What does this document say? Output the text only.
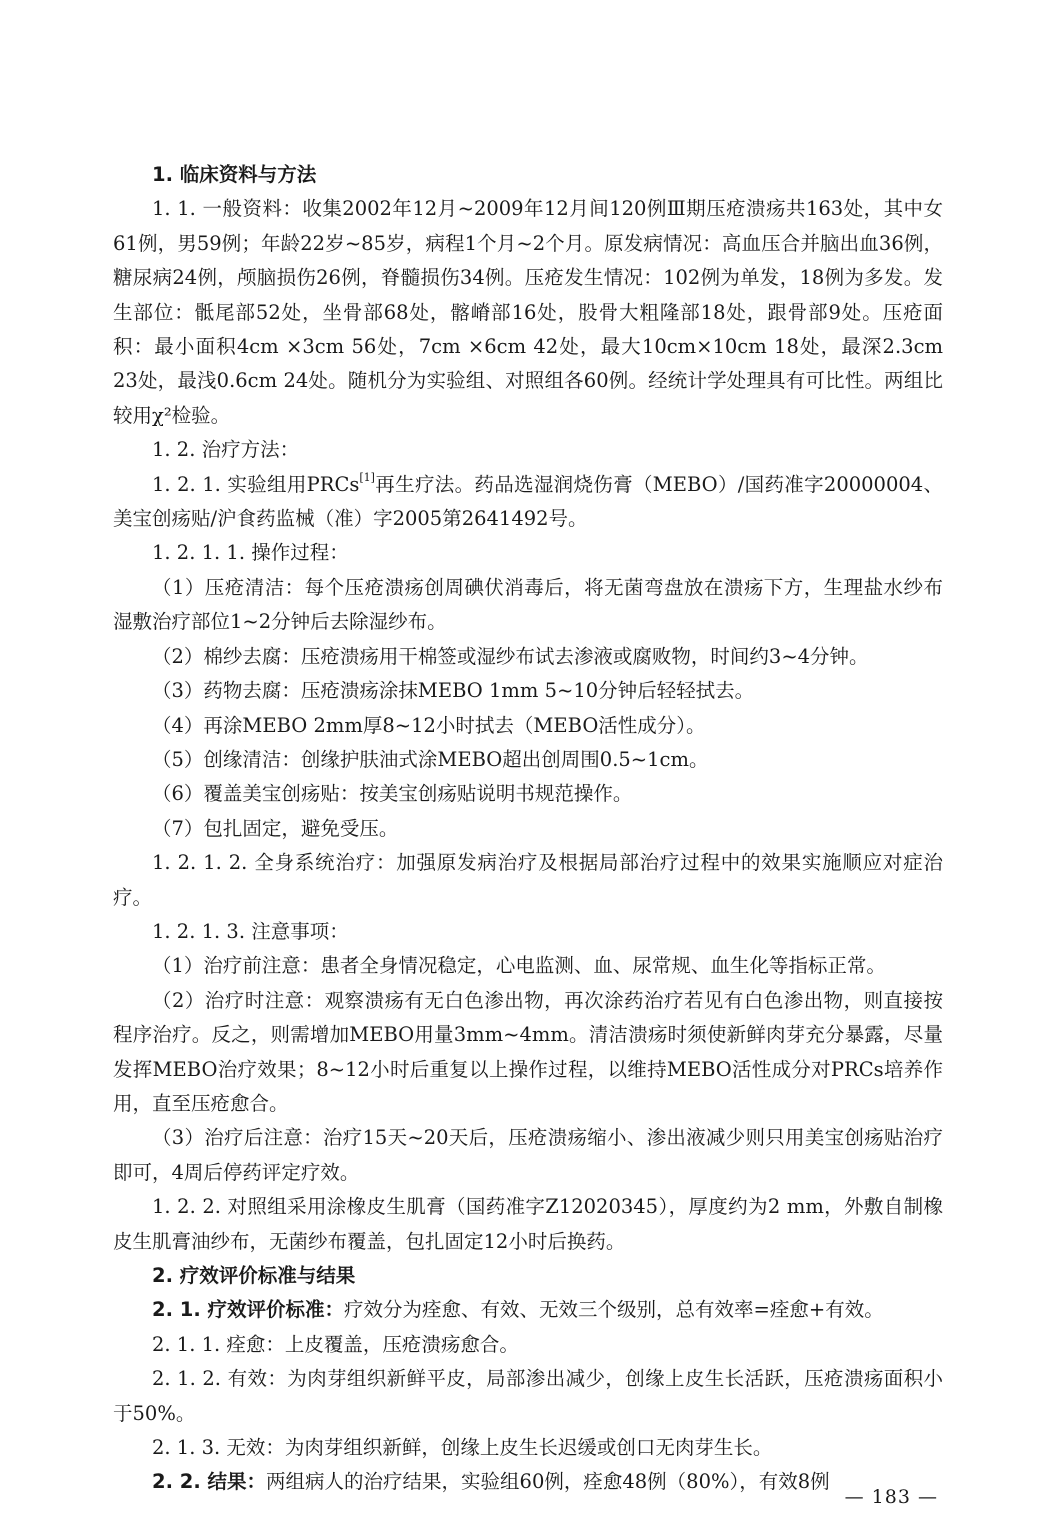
1. 临床资料与方法

1. 1. 一般资料：收集2002年12月~2009年12月间120例Ⅲ期压疮溃疡共163处，其中女61例，男59例；年龄22岁~85岁，病程1个月~2个月。原发病情况：高血压合并脑出血36例，糖尿病24例，颅脑损伤26例，脊髓损伤34例。压疮发生情况：102例为单发，18例为多发。发生部位：骶尾部52处，坐骨部68处，髂嵴部16处，股骨大粗隆部18处，跟骨部9处。压疮面积：最小面积4cm ×3cm 56处，7cm ×6cm 42处，最大10cm×10cm 18处，最深2.3cm 23处，最浅0.6cm 24处。随机分为实验组、对照组各60例。经统计学处理具有可比性。两组比较用χ²检验。

1. 2. 治疗方法：

1. 2. 1. 实验组用PRCs[1]再生疗法。药品选湿润烧伤膏（MEBO）/国药准字20000004、美宝创疡贴/沪食药监械（准）字2005第2641492号。

1. 2. 1. 1. 操作过程：

（1）压疮清洁：每个压疮溃疡创周碘伏消毒后，将无菌弯盘放在溃疡下方，生理盐水纱布湿敷治疗部位1~2分钟后去除湿纱布。

（2）棉纱去腐：压疮溃疡用干棉签或湿纱布试去渗液或腐败物，时间约3~4分钟。

（3）药物去腐：压疮溃疡涂抹MEBO 1mm 5~10分钟后轻轻拭去。

（4）再涂MEBO 2mm厚8~12小时拭去（MEBO活性成分）。

（5）创缘清洁：创缘护肤油式涂MEBO超出创周围0.5~1cm。

（6）覆盖美宝创疡贴：按美宝创疡贴说明书规范操作。

（7）包扎固定，避免受压。

1. 2. 1. 2. 全身系统治疗：加强原发病治疗及根据局部治疗过程中的效果实施顺应对症治疗。

1. 2. 1. 3. 注意事项：

（1）治疗前注意：患者全身情况稳定，心电监测、血、尿常规、血生化等指标正常。

（2）治疗时注意：观察溃疡有无白色渗出物，再次涂药治疗若见有白色渗出物，则直接按程序治疗。反之，则需增加MEBO用量3mm~4mm。清洁溃疡时须使新鲜肉芽充分暴露，尽量发挥MEBO治疗效果；8~12小时后重复以上操作过程，以维持MEBO活性成分对PRCs培养作用，直至压疮愈合。

（3）治疗后注意：治疗15天~20天后，压疮溃疡缩小、渗出液减少则只用美宝创疡贴治疗即可，4周后停药评定疗效。

1. 2. 2. 对照组采用涂橡皮生肌膏（国药准字Z12020345），厚度约为2 mm，外敷自制橡皮生肌膏油纱布，无菌纱布覆盖，包扎固定12小时后换药。

2. 疗效评价标准与结果

2. 1. 疗效评价标准：疗效分为痊愈、有效、无效三个级别，总有效率=痊愈+有效。

2. 1. 1. 痊愈：上皮覆盖，压疮溃疡愈合。

2. 1. 2. 有效：为肉芽组织新鲜平皮，局部渗出减少，创缘上皮生长活跃，压疮溃疡面积小于50%。

2. 1. 3. 无效：为肉芽组织新鲜，创缘上皮生长迟缓或创口无肉芽生长。

2. 2. 结果：两组病人的治疗结果，实验组60例，痊愈48例（80%），有效8例

— 183 —
